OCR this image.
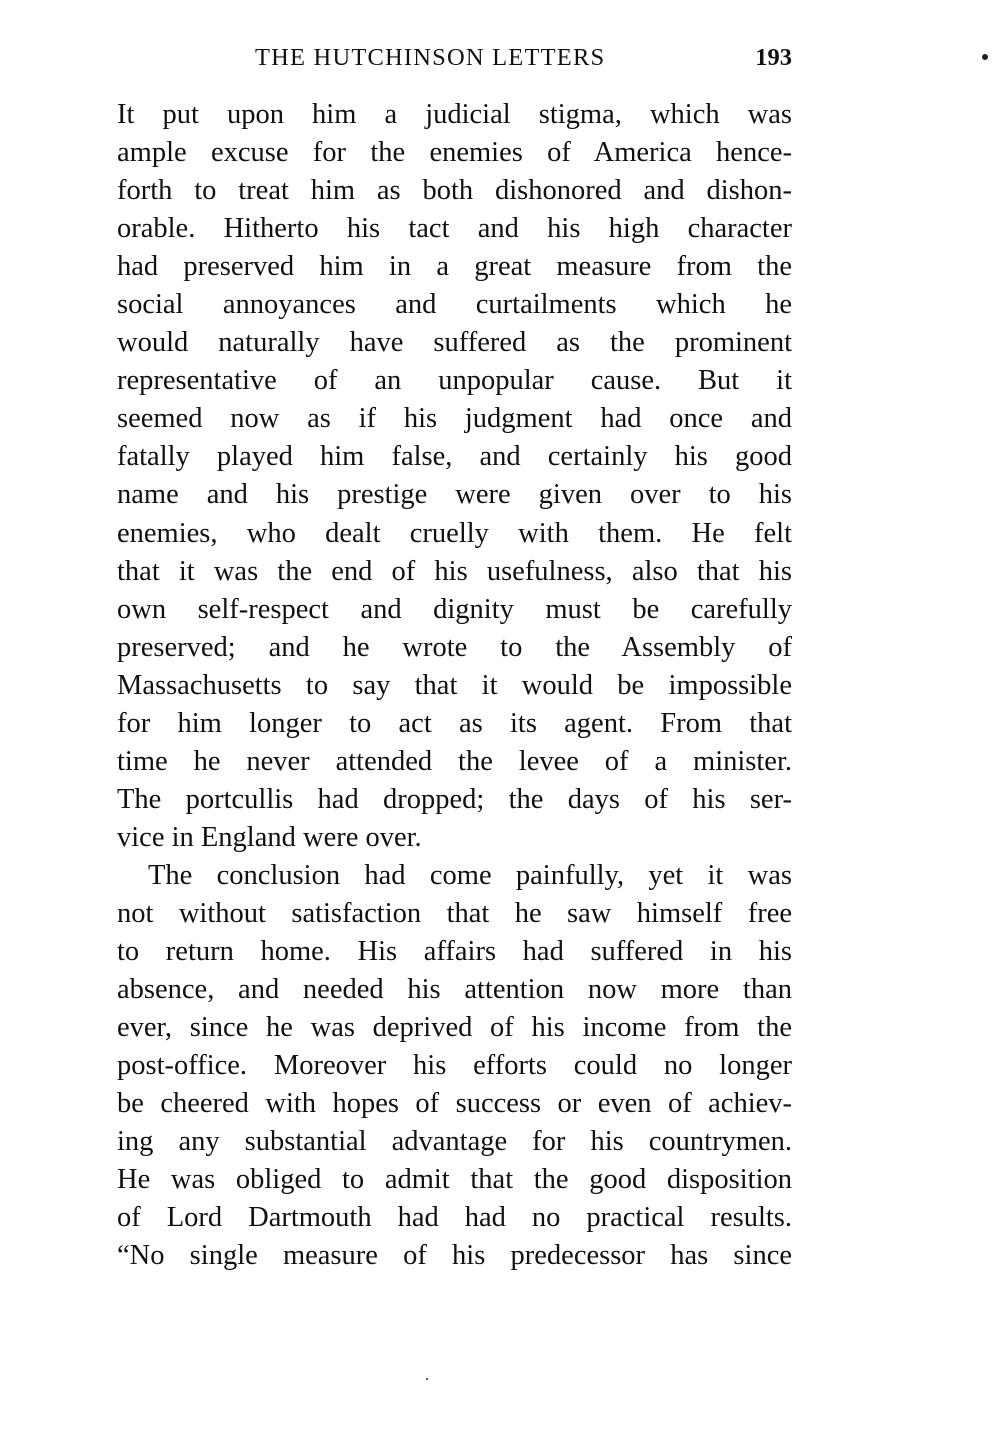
THE HUTCHINSON LETTERS	193
It put upon him a judicial stigma, which was
ample excuse for the enemies of America hence-
forth to treat him as both dishonored and dishon-
orable. Hitherto his tact and his high character
had preserved him in a great measure from the
social annoyances and curtailments which he
would naturally have suffered as the prominent
representative of an unpopular cause. But it
seemed now as if his judgment had once and
fatally played him false, and certainly his good
name and his prestige were given over to his
enemies, who dealt cruelly with them. He felt
that it was the end of his usefulness, also that his
own self-respect and dignity must be carefully
preserved; and he wrote to the Assembly of
Massachusetts to say that it would be impossible
for him longer to act as its agent. From that
time he never attended the levee of a minister.
The portcullis had dropped; the days of his ser-
vice in England were over.
The conclusion had come painfully, yet it was
not without satisfaction that he saw himself free
to return home. His affairs had suffered in his
absence, and needed his attention now more than
ever, since he was deprived of his income from the
post-office. Moreover his efforts could no longer
be cheered with hopes of success or even of achiev-
ing any substantial advantage for his countrymen.
He was obliged to admit that the good disposition
of Lord Dartmouth had had no practical results.
“No single measure of his predecessor has since
